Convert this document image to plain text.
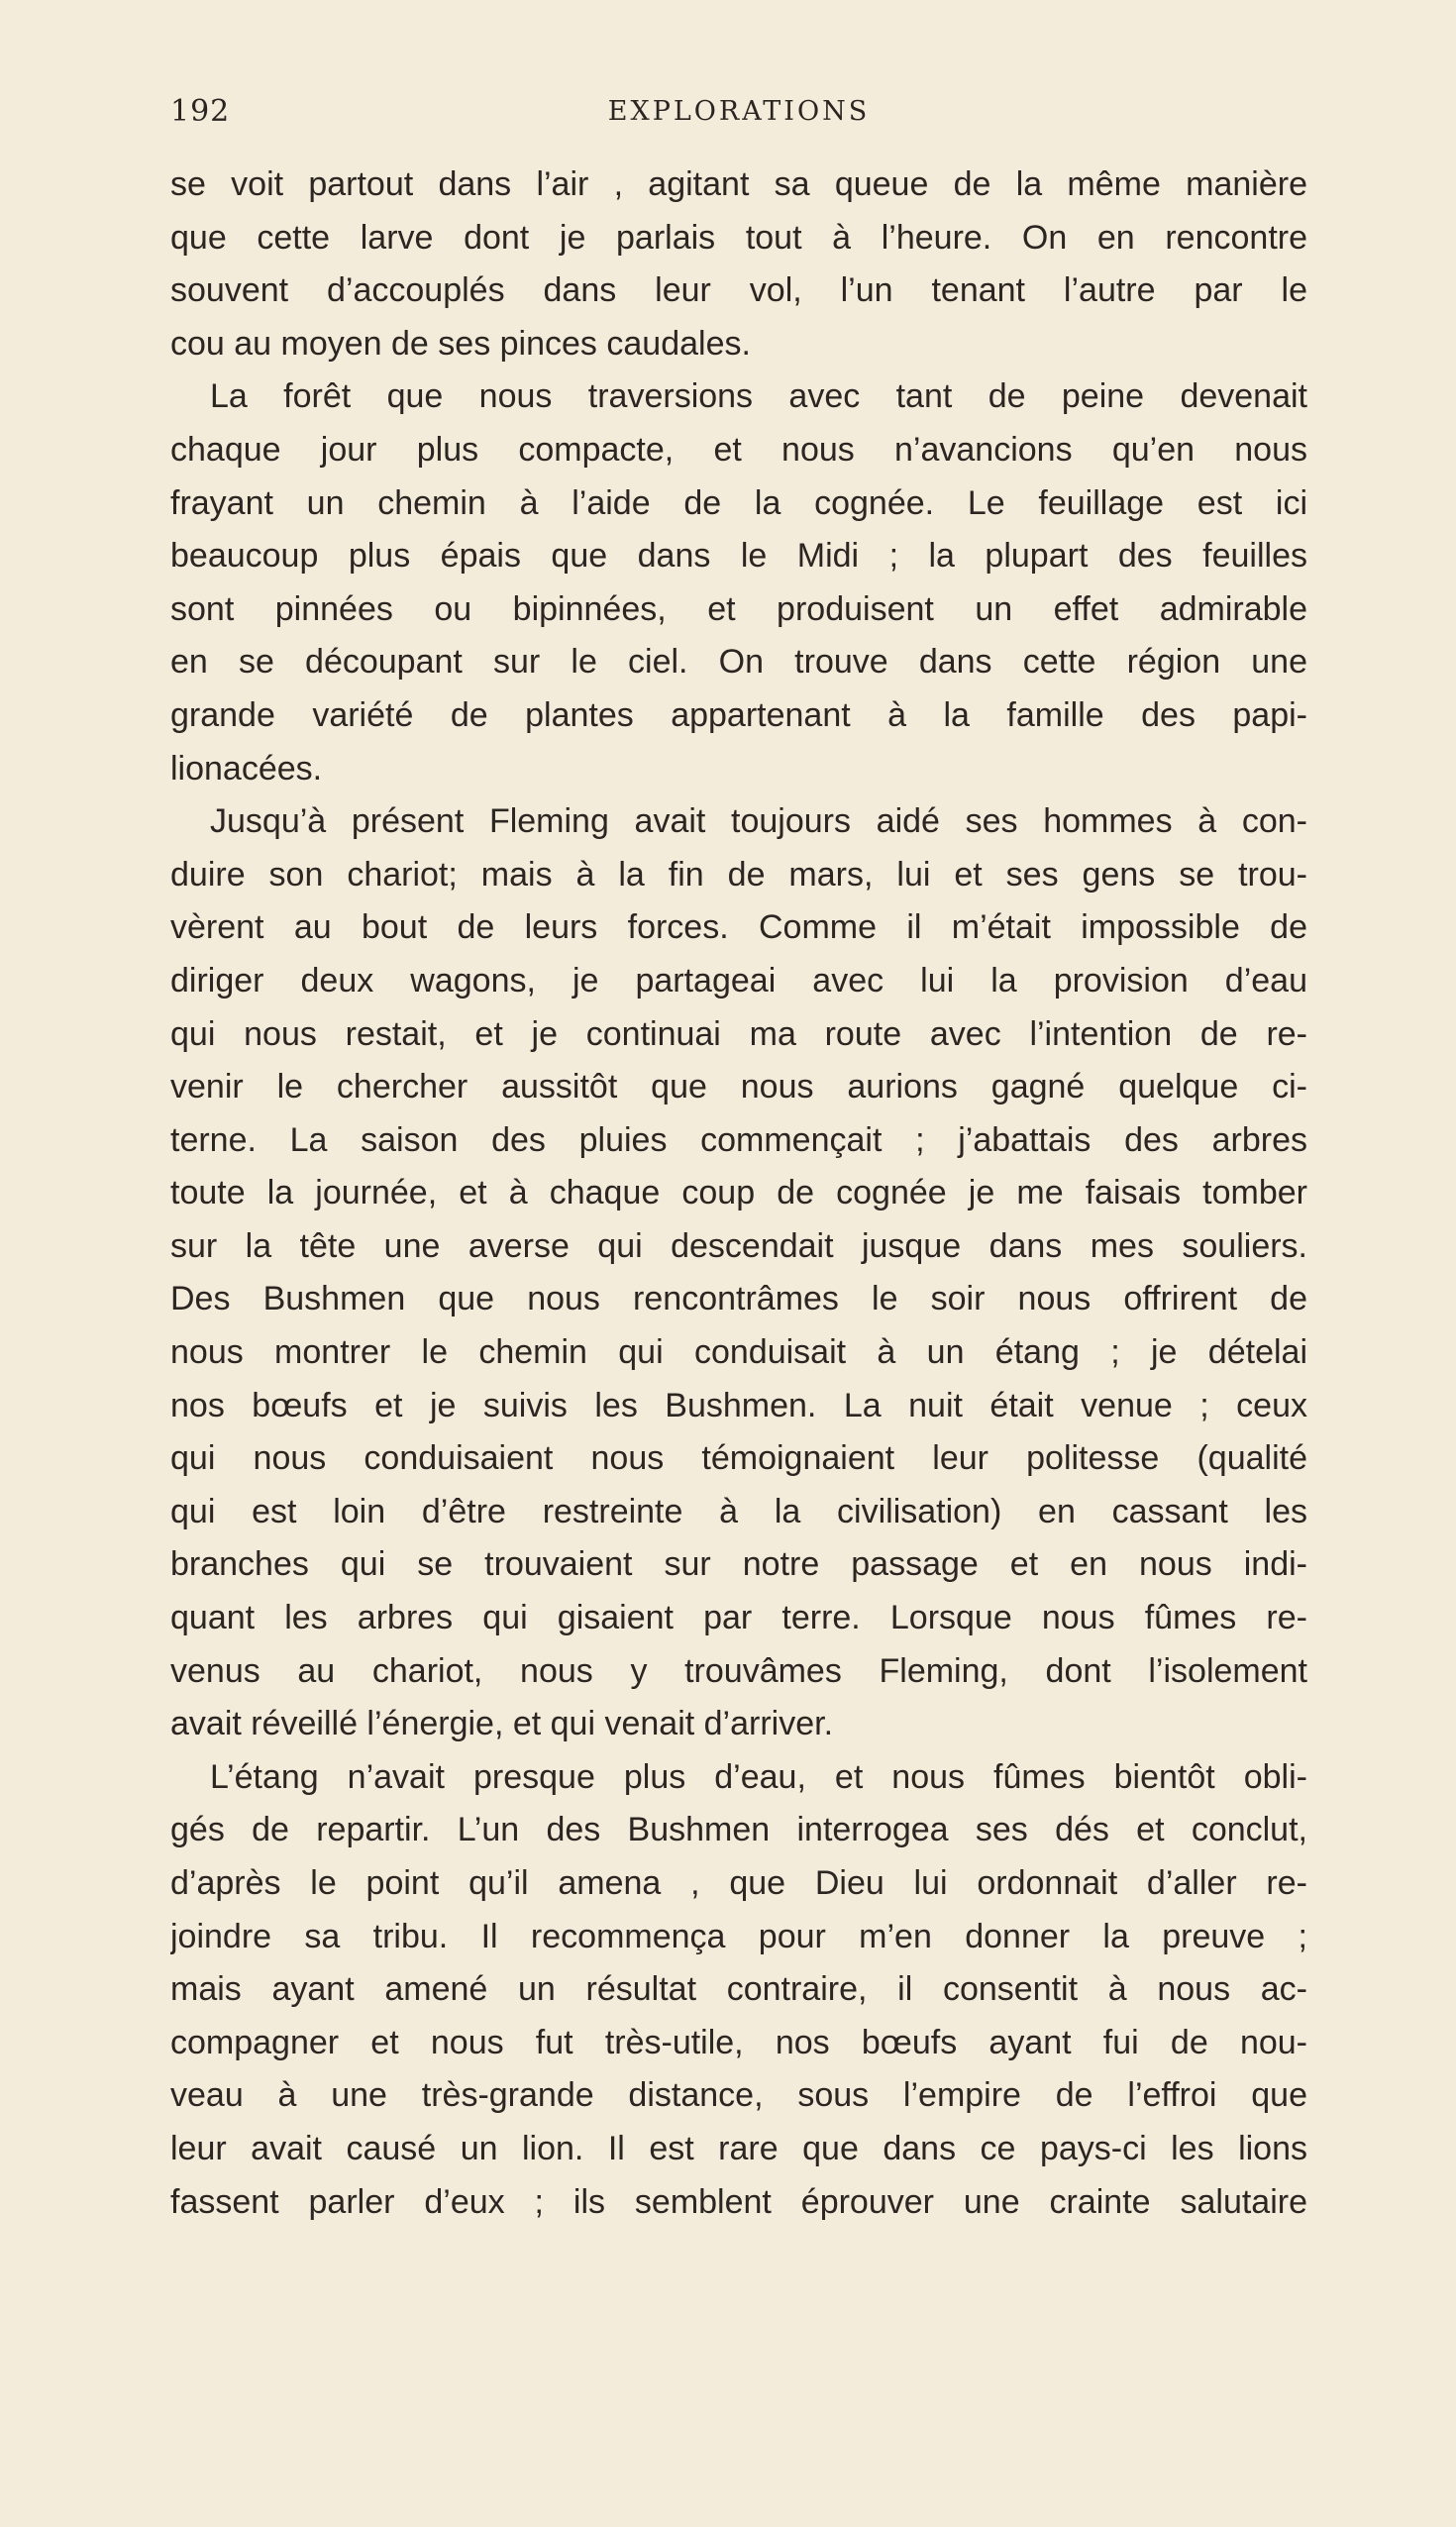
192	EXPLORATIONS
se voit partout dans l’air , agitant sa queue de la même manière
que cette larve dont je parlais tout à l’heure. On en rencontre
souvent d’accouplés dans leur vol, l’un tenant l’autre par le
cou au moyen de ses pinces caudales.
La forêt que nous traversions avec tant de peine devenait
chaque jour plus compacte, et nous n’avancions qu’en nous
frayant un chemin à l’aide de la cognée. Le feuillage est ici
beaucoup plus épais que dans le Midi ; la plupart des feuilles
sont pinnées ou bipinnées, et produisent un effet admirable
en se découpant sur le ciel. On trouve dans cette région une
grande variété de plantes appartenant à la famille des papi-
lionacées.
Jusqu’à présent Fleming avait toujours aidé ses hommes à con-
duire son chariot; mais à la fin de mars, lui et ses gens se trou-
vèrent au bout de leurs forces. Comme il m’était impossible de
diriger deux wagons, je partageai avec lui la provision d’eau
qui nous restait, et je continuai ma route avec l’intention de re-
venir le chercher aussitôt que nous aurions gagné quelque ci-
terne. La saison des pluies commençait ; j’abattais des arbres
toute la journée, et à chaque coup de cognée je me faisais tomber
sur la tête une averse qui descendait jusque dans mes souliers.
Des Bushmen que nous rencontrâmes le soir nous offrirent de
nous montrer le chemin qui conduisait à un étang ; je dételai
nos bœufs et je suivis les Bushmen. La nuit était venue ; ceux
qui nous conduisaient nous témoignaient leur politesse (qualité
qui est loin d’être restreinte à la civilisation) en cassant les
branches qui se trouvaient sur notre passage et en nous indi-
quant les arbres qui gisaient par terre. Lorsque nous fûmes re-
venus au chariot, nous y trouvâmes Fleming, dont l’isolement
avait réveillé l’énergie, et qui venait d’arriver.
L’étang n’avait presque plus d’eau, et nous fûmes bientôt obli-
gés de repartir. L’un des Bushmen interrogea ses dés et conclut,
d’après le point qu’il amena , que Dieu lui ordonnait d’aller re-
joindre sa tribu. Il recommença pour m’en donner la preuve ;
mais ayant amené un résultat contraire, il consentit à nous ac-
compagner et nous fut très-utile, nos bœufs ayant fui de nou-
veau à une très-grande distance, sous l’empire de l’effroi que
leur avait causé un lion. Il est rare que dans ce pays-ci les lions
fassent parler d’eux ; ils semblent éprouver une crainte salutaire
